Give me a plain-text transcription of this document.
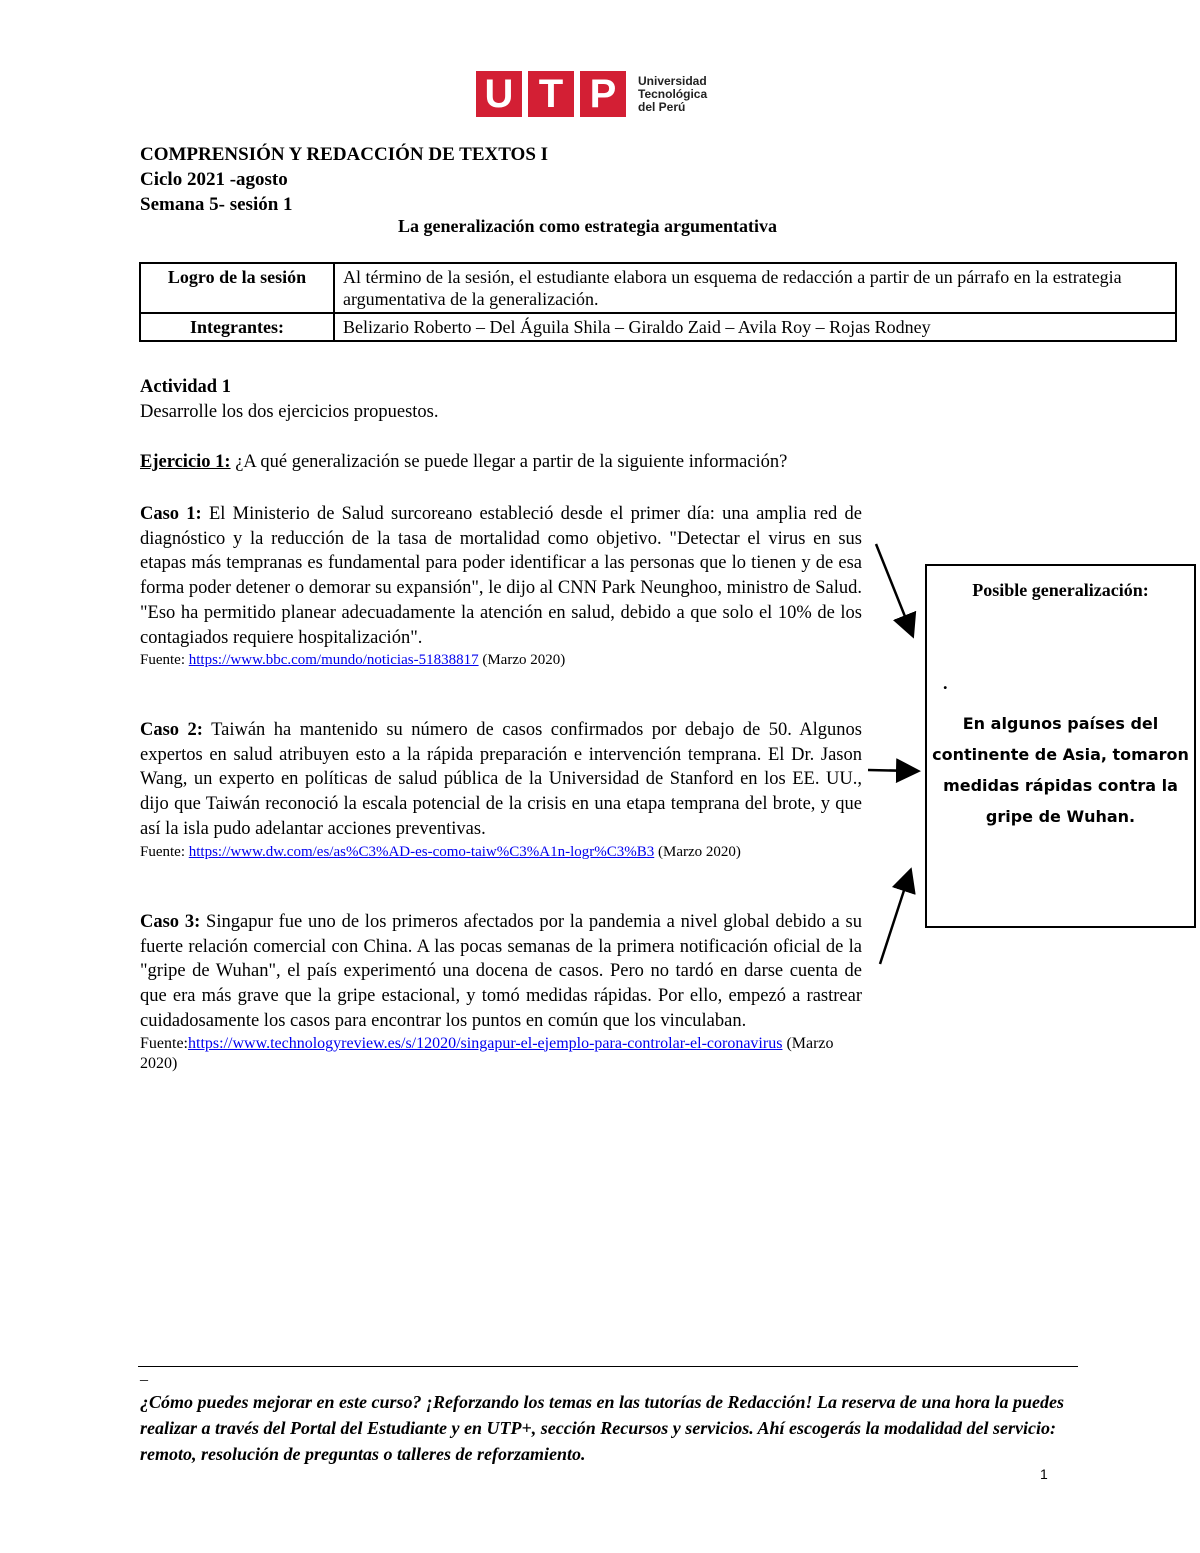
U T P	Universidad
Tecnológica
del Perú
COMPRENSIÓN Y REDACCIÓN DE TEXTOS I
Ciclo 2021 -agosto
Semana 5- sesión 1
La generalización como estrategia argumentativa
Logro de la sesión	Al término de la sesión, el estudiante elabora un esquema de redacción a partir de un párrafo en la estrategia argumentativa de la generalización.
Integrantes:	Belizario Roberto – Del Águila Shila – Giraldo Zaid – Avila Roy – Rojas Rodney
Actividad 1
Desarrolle los dos ejercicios propuestos.
Ejercicio 1: ¿A qué generalización se puede llegar a partir de la siguiente información?
Caso 1: El Ministerio de Salud surcoreano estableció desde el primer día: una amplia red de diagnóstico y la reducción de la tasa de mortalidad como objetivo. "Detectar el virus en sus etapas más tempranas es fundamental para poder identificar a las personas que lo tienen y de esa forma poder detener o demorar su expansión", le dijo al CNN Park Neunghoo, ministro de Salud. "Eso ha permitido planear adecuadamente la atención en salud, debido a que solo el 10% de los contagiados requiere hospitalización".
Fuente: https://www.bbc.com/mundo/noticias-51838817 (Marzo 2020)
Caso 2: Taiwán ha mantenido su número de casos confirmados por debajo de 50. Algunos expertos en salud atribuyen esto a la rápida preparación e intervención temprana. El Dr. Jason Wang, un experto en políticas de salud pública de la Universidad de Stanford en los EE. UU., dijo que Taiwán reconoció la escala potencial de la crisis en una etapa temprana del brote, y que así la isla pudo adelantar acciones preventivas.
Fuente: https://www.dw.com/es/as%C3%AD-es-como-taiw%C3%A1n-logr%C3%B3 (Marzo 2020)
Caso 3: Singapur fue uno de los primeros afectados por la pandemia a nivel global debido a su fuerte relación comercial con China. A las pocas semanas de la primera notificación oficial de la "gripe de Wuhan", el país experimentó una docena de casos. Pero no tardó en darse cuenta de que era más grave que la gripe estacional, y tomó medidas rápidas. Por ello, empezó a rastrear cuidadosamente los casos para encontrar los puntos en común que los vinculaban.
Fuente:https://www.technologyreview.es/s/12020/singapur-el-ejemplo-para-controlar-el-coronavirus (Marzo 2020)
Posible generalización:
.
En algunos países del continente de Asia, tomaron medidas rápidas contra la gripe de Wuhan.
_
¿Cómo puedes mejorar en este curso? ¡Reforzando los temas en las tutorías de Redacción! La reserva de una hora la puedes realizar a través del Portal del Estudiante y en UTP+, sección Recursos y servicios. Ahí escogerás la modalidad del servicio: remoto, resolución de preguntas o talleres de reforzamiento.
1
